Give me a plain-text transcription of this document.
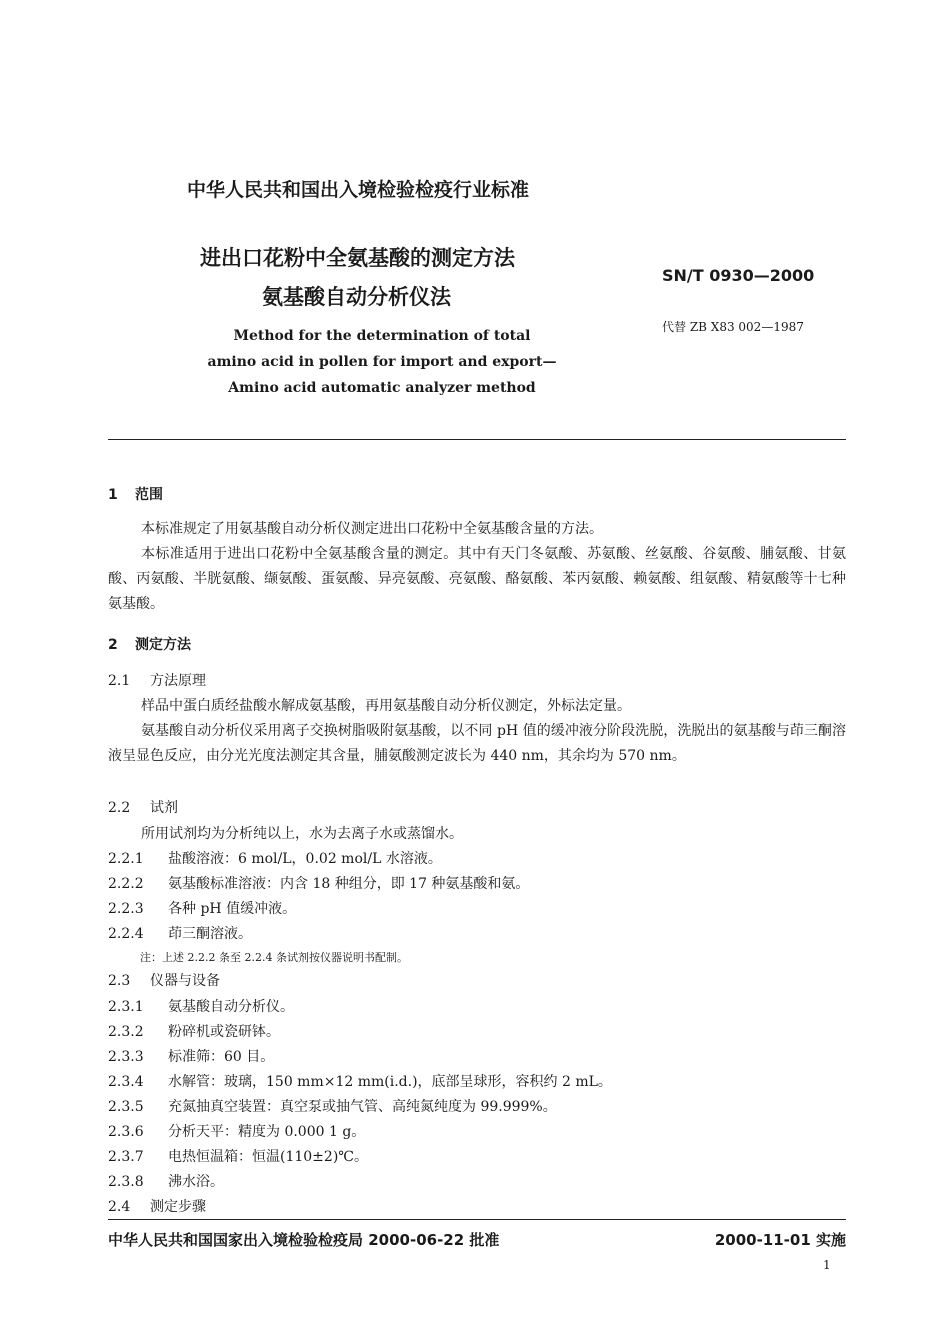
中华人民共和国出入境检验检疫行业标准
进出口花粉中全氨基酸的测定方法
氨基酸自动分析仪法
SN/T 0930—2000
代替 ZB X83 002—1987
Method for the determination of total
amino acid in pollen for import and export—
Amino acid automatic analyzer method
1 范围
本标准规定了用氨基酸自动分析仪测定进出口花粉中全氨基酸含量的方法。
本标准适用于进出口花粉中全氨基酸含量的测定。其中有天门冬氨酸、苏氨酸、丝氨酸、谷氨酸、脯氨酸、甘氨酸、丙氨酸、半胱氨酸、缬氨酸、蛋氨酸、异亮氨酸、亮氨酸、酪氨酸、苯丙氨酸、赖氨酸、组氨酸、精氨酸等十七种氨基酸。
2 测定方法
2.1 方法原理
样品中蛋白质经盐酸水解成氨基酸，再用氨基酸自动分析仪测定，外标法定量。
氨基酸自动分析仪采用离子交换树脂吸附氨基酸，以不同 pH 值的缓冲液分阶段洗脱，洗脱出的氨基酸与茚三酮溶液呈显色反应，由分光光度法测定其含量，脯氨酸测定波长为 440 nm，其余均为 570 nm。
2.2 试剂
所用试剂均为分析纯以上，水为去离子水或蒸馏水。
2.2.1 盐酸溶液：6 mol/L，0.02 mol/L 水溶液。
2.2.2 氨基酸标准溶液：内含 18 种组分，即 17 种氨基酸和氨。
2.2.3 各种 pH 值缓冲液。
2.2.4 茚三酮溶液。
注：上述 2.2.2 条至 2.2.4 条试剂按仪器说明书配制。
2.3 仪器与设备
2.3.1 氨基酸自动分析仪。
2.3.2 粉碎机或瓷研钵。
2.3.3 标准筛：60 目。
2.3.4 水解管：玻璃，150 mm×12 mm(i.d.)，底部呈球形，容积约 2 mL。
2.3.5 充氮抽真空装置：真空泵或抽气管、高纯氮纯度为 99.999%。
2.3.6 分析天平：精度为 0.000 1 g。
2.3.7 电热恒温箱：恒温(110±2)℃。
2.3.8 沸水浴。
2.4 测定步骤
中华人民共和国国家出入境检验检疫局 2000-06-22 批准	2000-11-01 实施
1
